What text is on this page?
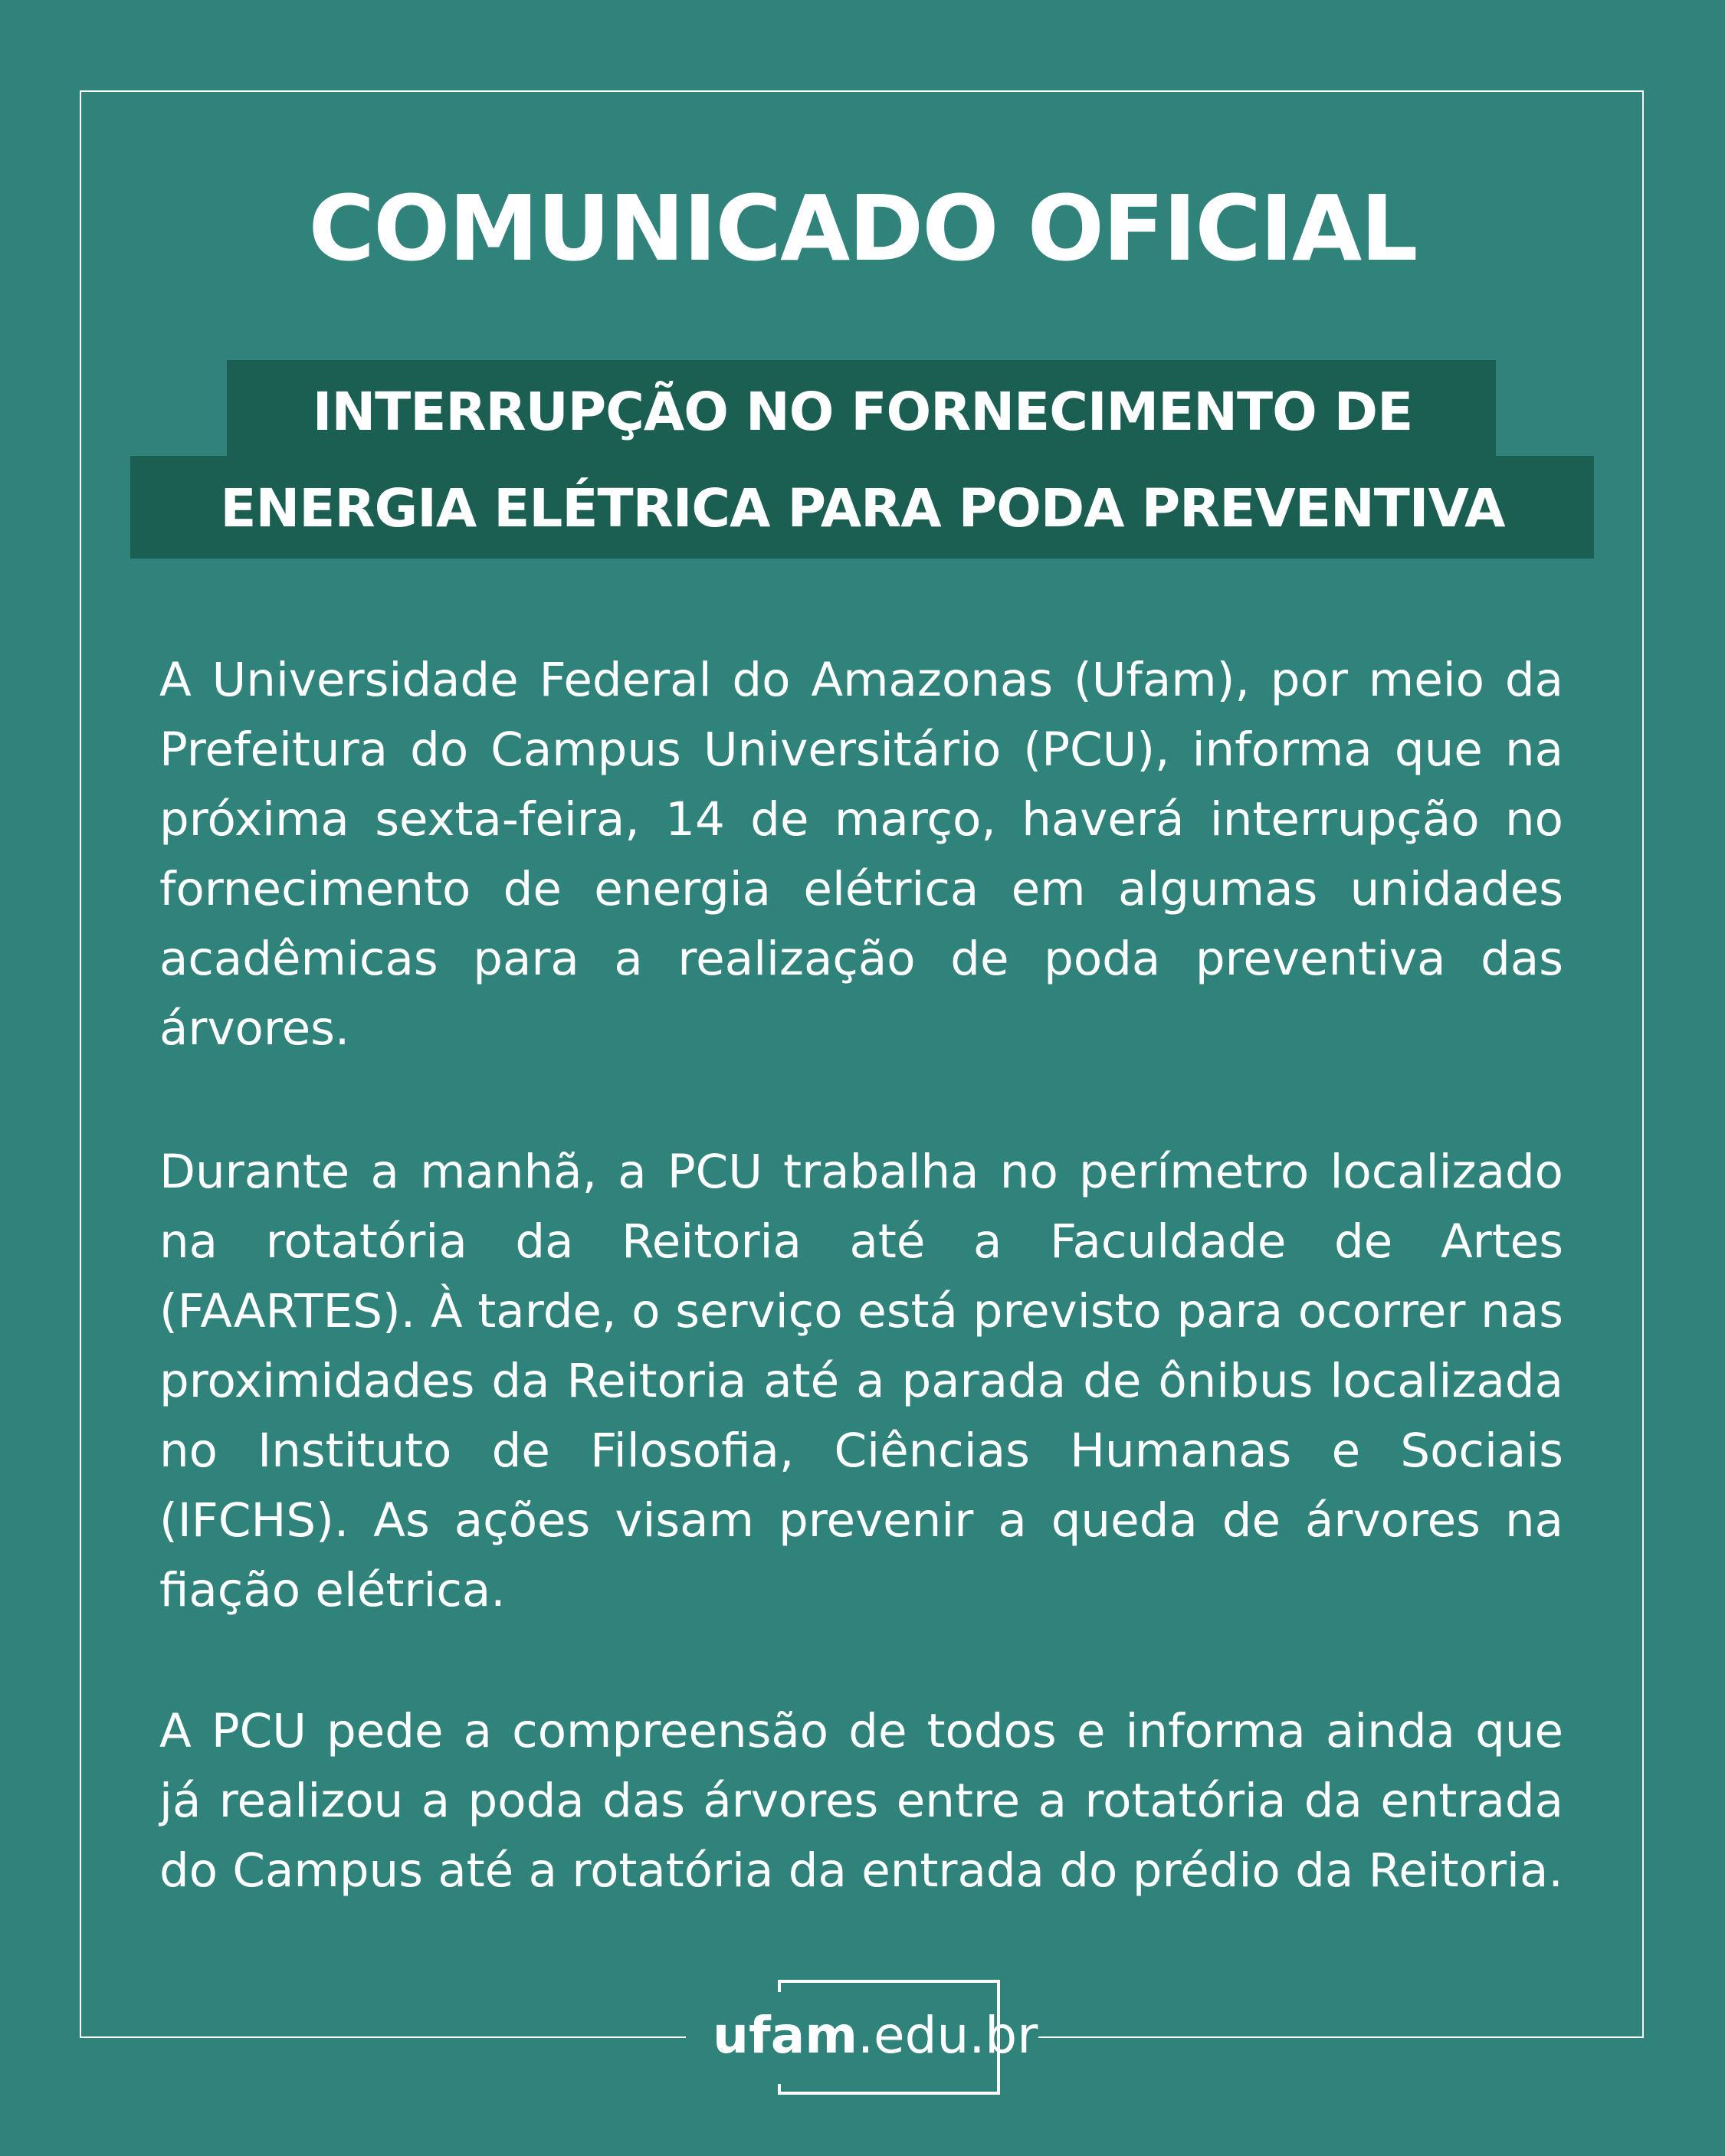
COMUNICADO OFICIAL
INTERRUPÇÃO NO FORNECIMENTO DE
ENERGIA ELÉTRICA PARA PODA PREVENTIVA

A Universidade Federal do Amazonas (Ufam), por meio da Prefeitura do Campus Universitário (PCU), informa que na próxima sexta-feira, 14 de março, haverá interrupção no fornecimento de energia elétrica em algumas unidades acadêmicas para a realização de poda preventiva das árvores.

Durante a manhã, a PCU trabalha no perímetro localizado na rotatória da Reitoria até a Faculdade de Artes (FAARTES). À tarde, o serviço está previsto para ocorrer nas proximidades da Reitoria até a parada de ônibus localizada no Instituto de Filosofia, Ciências Humanas e Sociais (IFCHS). As ações visam prevenir a queda de árvores na fiação elétrica.

A PCU pede a compreensão de todos e informa ainda que já realizou a poda das árvores entre a rotatória da entrada do Campus até a rotatória da entrada do prédio da Reitoria.

ufam.edu.br
